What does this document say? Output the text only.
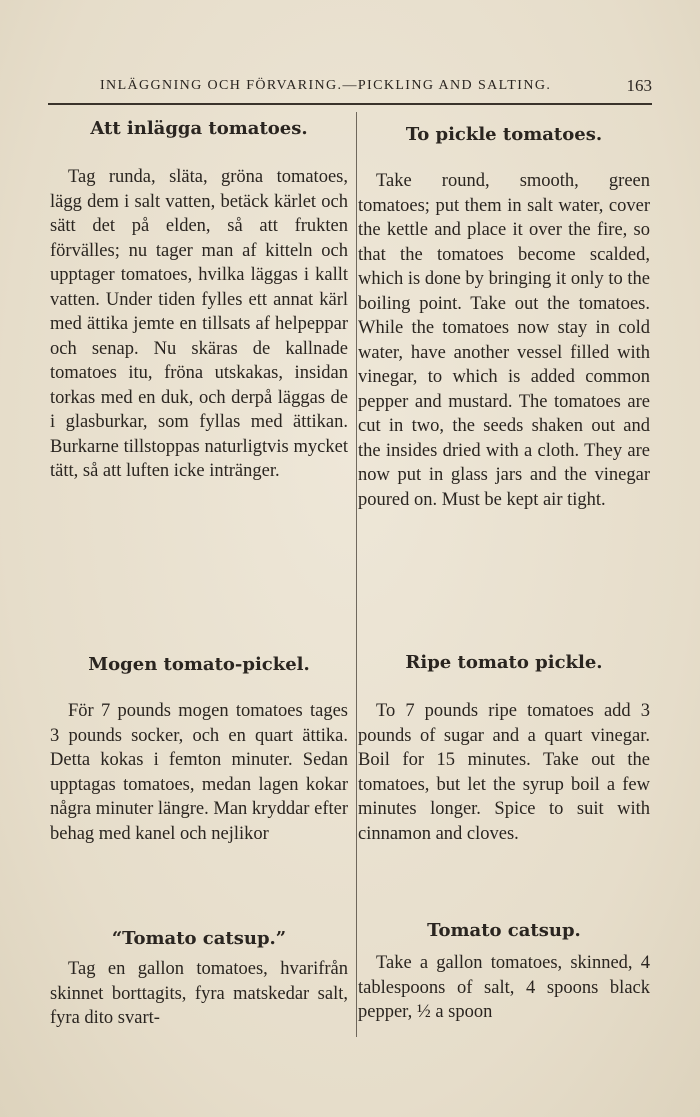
INLÄGGNING OCH FÖRVARING.—PICKLING AND SALTING.	163
Att inlägga tomatoes.

Tag runda, släta, gröna tomatoes, lägg dem i salt vatten, betäck kärlet och sätt det på elden, så att frukten förvälles; nu tager man af kitteln och upptager tomatoes, hvilka läggas i kallt vatten. Under tiden fylles ett annat kärl med ättika jemte en tillsats af helpeppar och senap. Nu skäras de kallnade tomatoes itu, fröna utskakas, insidan torkas med en duk, och derpå läggas de i glasburkar, som fyllas med ättikan. Burkarne tillstoppas naturligtvis mycket tätt, så att luften icke intränger.

To pickle tomatoes.

Take round, smooth, green tomatoes; put them in salt water, cover the kettle and place it over the fire, so that the tomatoes become scalded, which is done by bringing it only to the boiling point. Take out the tomatoes. While the tomatoes now stay in cold water, have another vessel filled with vinegar, to which is added common pepper and mustard. The tomatoes are cut in two, the seeds shaken out and the insides dried with a cloth. They are now put in glass jars and the vinegar poured on. Must be kept air tight.

Mogen tomato-pickel.

För 7 pounds mogen tomatoes tages 3 pounds socker, och en quart ättika. Detta kokas i femton minuter. Sedan upptagas tomatoes, medan lagen kokar några minuter längre. Man kryddar efter behag med kanel och nejlikor

Ripe tomato pickle.

To 7 pounds ripe tomatoes add 3 pounds of sugar and a quart vinegar. Boil for 15 minutes. Take out the tomatoes, but let the syrup boil a few minutes longer. Spice to suit with cinnamon and cloves.

“Tomato catsup.”

Tag en gallon tomatoes, hvarifrån skinnet borttagits, fyra matskedar salt, fyra dito svart-

Tomato catsup.

Take a gallon tomatoes, skinned, 4 tablespoons of salt, 4 spoons black pepper, ½ a spoon
